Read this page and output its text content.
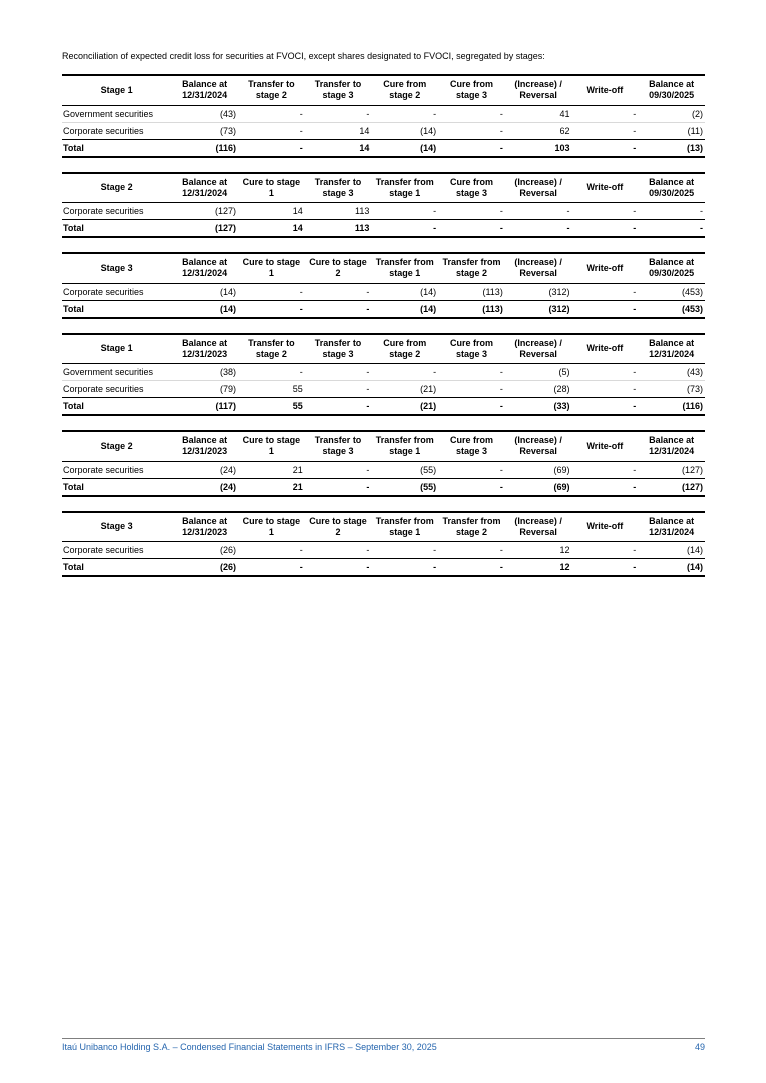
Reconciliation of expected credit loss for securities at FVOCI, except shares designated to FVOCI, segregated by stages:

Stage 1	Balance at 12/31/2024	Transfer to stage 2	Transfer to stage 3	Cure from stage 2	Cure from stage 3	(Increase) / Reversal	Write-off	Balance at 09/30/2025
Government securities	(43)	-	-	-	-	41	-	(2)
Corporate securities	(73)	-	14	(14)	-	62	-	(11)
Total	(116)	-	14	(14)	-	103	-	(13)
Stage 2	Balance at 12/31/2024	Cure to stage 1	Transfer to stage 3	Transfer from stage 1	Cure from stage 3	(Increase) / Reversal	Write-off	Balance at 09/30/2025
Corporate securities	(127)	14	113	-	-	-	-	-
Total	(127)	14	113	-	-	-	-	-
Stage 3	Balance at 12/31/2024	Cure to stage 1	Cure to stage 2	Transfer from stage 1	Transfer from stage 2	(Increase) / Reversal	Write-off	Balance at 09/30/2025
Corporate securities	(14)	-	-	(14)	(113)	(312)	-	(453)
Total	(14)	-	-	(14)	(113)	(312)	-	(453)
Stage 1	Balance at 12/31/2023	Transfer to stage 2	Transfer to stage 3	Cure from stage 2	Cure from stage 3	(Increase) / Reversal	Write-off	Balance at 12/31/2024
Government securities	(38)	-	-	-	-	(5)	-	(43)
Corporate securities	(79)	55	-	(21)	-	(28)	-	(73)
Total	(117)	55	-	(21)	-	(33)	-	(116)
Stage 2	Balance at 12/31/2023	Cure to stage 1	Transfer to stage 3	Transfer from stage 1	Cure from stage 3	(Increase) / Reversal	Write-off	Balance at 12/31/2024
Corporate securities	(24)	21	-	(55)	-	(69)	-	(127)
Total	(24)	21	-	(55)	-	(69)	-	(127)
Stage 3	Balance at 12/31/2023	Cure to stage 1	Cure to stage 2	Transfer from stage 1	Transfer from stage 2	(Increase) / Reversal	Write-off	Balance at 12/31/2024
Corporate securities	(26)	-	-	-	-	12	-	(14)
Total	(26)	-	-	-	-	12	-	(14)
Itaú Unibanco Holding S.A. – Condensed Financial Statements in IFRS – September 30, 2025	49
